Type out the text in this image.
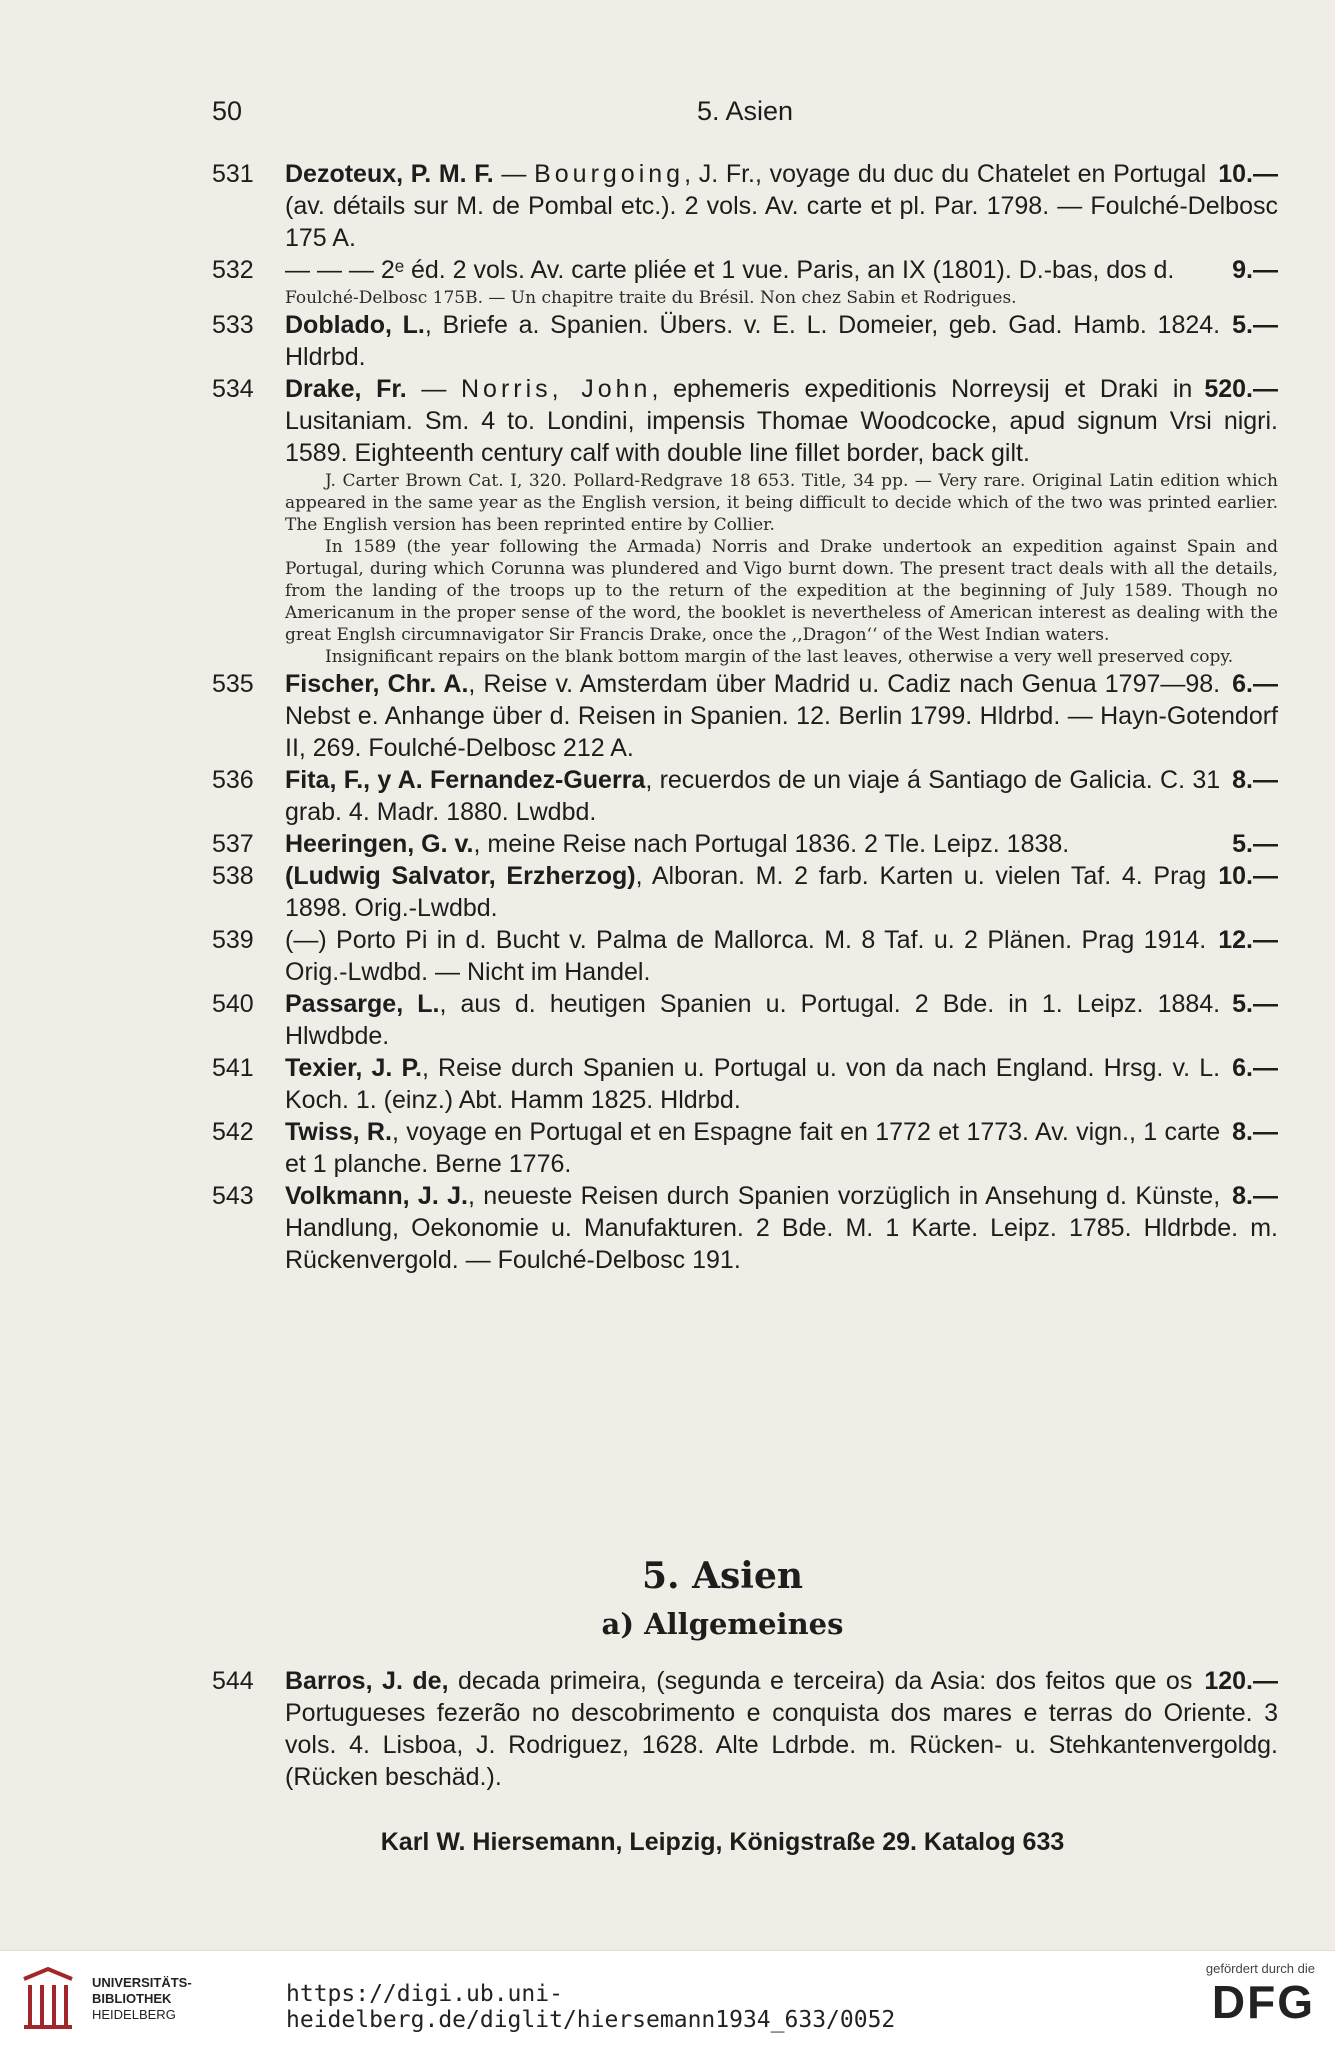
50	5. Asien
531	10.—
Dezoteux, P. M. F. — Bourgoing, J. Fr., voyage du duc du Chatelet en Portugal (av. détails sur M. de Pombal etc.). 2 vols. Av. carte et pl. Par. 1798. — Foulché-Delbosc 175 A.
532	9.—
— — — 2ᵉ éd. 2 vols. Av. carte pliée et 1 vue. Paris, an IX (1801). D.-bas, dos d.
Foulché-Delbosc 175B. — Un chapitre traite du Brésil. Non chez Sabin et Rodrigues.
533	5.—
Doblado, L., Briefe a. Spanien. Übers. v. E. L. Domeier, geb. Gad. Hamb. 1824. Hldrbd.
534	520.—
Drake, Fr. — Norris, John, ephemeris expeditionis Norreysij et Draki in Lusitaniam. Sm. 4 to. Londini, impensis Thomae Woodcocke, apud signum Vrsi nigri. 1589. Eighteenth century calf with double line fillet border, back gilt.

J. Carter Brown Cat. I, 320. Pollard-Redgrave 18 653. Title, 34 pp. — Very rare. Original Latin edition which appeared in the same year as the English version, it being difficult to decide which of the two was printed earlier. The English version has been reprinted entire by Collier.

In 1589 (the year following the Armada) Norris and Drake undertook an expedition against Spain and Portugal, during which Corunna was plundered and Vigo burnt down. The present tract deals with all the details, from the landing of the troops up to the return of the expedition at the beginning of July 1589. Though no Americanum in the proper sense of the word, the booklet is nevertheless of American interest as dealing with the great Englsh circumnavigator Sir Francis Drake, once the ,,Dragon‘‘ of the West Indian waters.

Insignificant repairs on the blank bottom margin of the last leaves, otherwise a very well preserved copy.

535	6.—
Fischer, Chr. A., Reise v. Amsterdam über Madrid u. Cadiz nach Genua 1797—98. Nebst e. Anhange über d. Reisen in Spanien. 12. Berlin 1799. Hldrbd. — Hayn-Gotendorf II, 269. Foulché-Delbosc 212 A.
536	8.—
Fita, F., y A. Fernandez-Guerra, recuerdos de un viaje á Santiago de Galicia. C. 31 grab. 4. Madr. 1880. Lwdbd.
537	5.—
Heeringen, G. v., meine Reise nach Portugal 1836. 2 Tle. Leipz. 1838.
538	10.—
(Ludwig Salvator, Erzherzog), Alboran. M. 2 farb. Karten u. vielen Taf. 4. Prag 1898. Orig.-Lwdbd.
539	12.—
(—) Porto Pi in d. Bucht v. Palma de Mallorca. M. 8 Taf. u. 2 Plänen. Prag 1914. Orig.-Lwdbd. — Nicht im Handel.
540	5.—
Passarge, L., aus d. heutigen Spanien u. Portugal. 2 Bde. in 1. Leipz. 1884. Hlwdbde.
541	6.—
Texier, J. P., Reise durch Spanien u. Portugal u. von da nach England. Hrsg. v. L. Koch. 1. (einz.) Abt. Hamm 1825. Hldrbd.
542	8.—
Twiss, R., voyage en Portugal et en Espagne fait en 1772 et 1773. Av. vign., 1 carte et 1 planche. Berne 1776.
543	8.—
Volkmann, J. J., neueste Reisen durch Spanien vorzüglich in Ansehung d. Künste, Handlung, Oekonomie u. Manufakturen. 2 Bde. M. 1 Karte. Leipz. 1785. Hldrbde. m. Rückenvergold. — Foulché-Delbosc 191.
5. Asien
a) Allgemeines
544	120.—
Barros, J. de, decada primeira, (segunda e terceira) da Asia: dos feitos que os Portugueses fezerão no descobrimento e conquista dos mares e terras do Oriente. 3 vols. 4. Lisboa, J. Rodriguez, 1628. Alte Ldrbde. m. Rücken- u. Stehkantenvergoldg. (Rücken beschäd.).
Karl W. Hiersemann, Leipzig, Königstraße 29. Katalog 633
UNIVERSITÄTS-
BIBLIOTHEK
HEIDELBERG
https://digi.ub.uni-heidelberg.de/diglit/hiersemann1934_633/0052
gefördert durch die
DFG
